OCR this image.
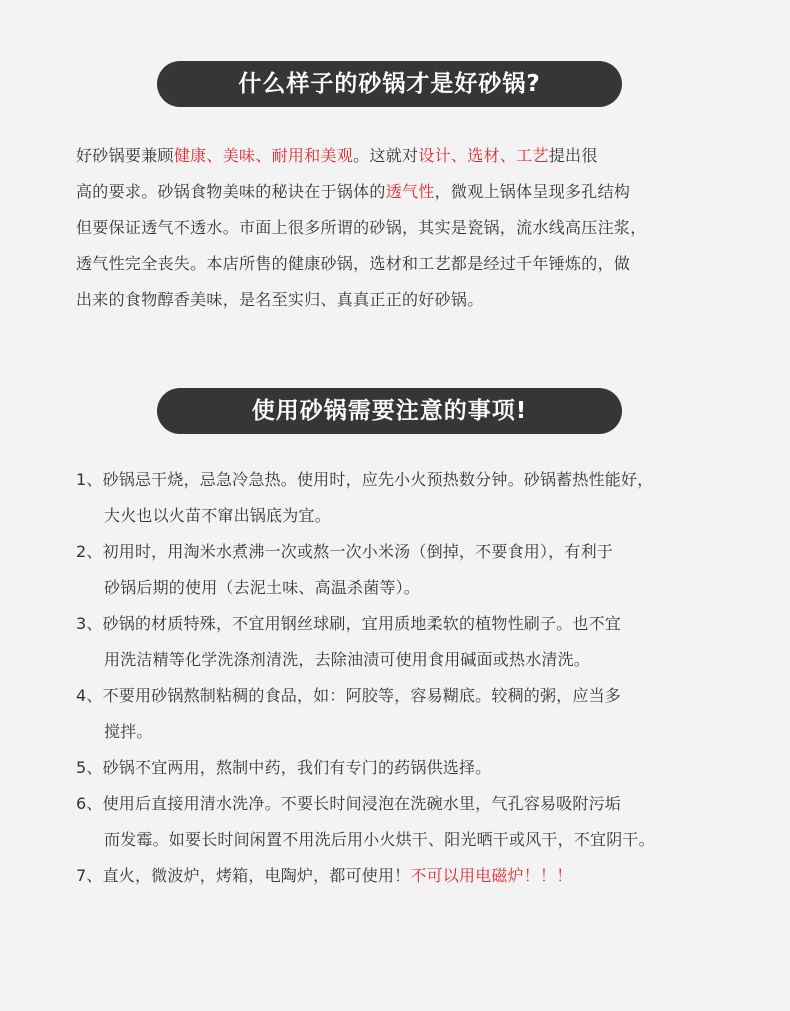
什么样子的砂锅才是好砂锅?
好砂锅要兼顾健康、美味、耐用和美观。这就对设计、选材、工艺提出很
高的要求。砂锅食物美味的秘诀在于锅体的透气性，微观上锅体呈现多孔结构
但要保证透气不透水。市面上很多所谓的砂锅，其实是瓷锅，流水线高压注浆，
透气性完全丧失。本店所售的健康砂锅，选材和工艺都是经过千年锤炼的，做
出来的食物醇香美味，是名至实归、真真正正的好砂锅。
使用砂锅需要注意的事项!
1、砂锅忌干烧，忌急冷急热。使用时，应先小火预热数分钟。砂锅蓄热性能好，
大火也以火苗不窜出锅底为宜。
2、初用时，用淘米水煮沸一次或熬一次小米汤（倒掉，不要食用），有利于
砂锅后期的使用（去泥土味、高温杀菌等）。
3、砂锅的材质特殊，不宜用钢丝球刷，宜用质地柔软的植物性刷子。也不宜
用洗洁精等化学洗涤剂清洗，去除油渍可使用食用碱面或热水清洗。
4、不要用砂锅熬制粘稠的食品，如：阿胶等，容易糊底。较稠的粥，应当多
搅拌。
5、砂锅不宜两用，熬制中药，我们有专门的药锅供选择。
6、使用后直接用清水洗净。不要长时间浸泡在洗碗水里，气孔容易吸附污垢
而发霉。如要长时间闲置不用洗后用小火烘干、阳光晒干或风干，不宜阴干。
7、直火，微波炉，烤箱，电陶炉，都可使用！不可以用电磁炉！！！
